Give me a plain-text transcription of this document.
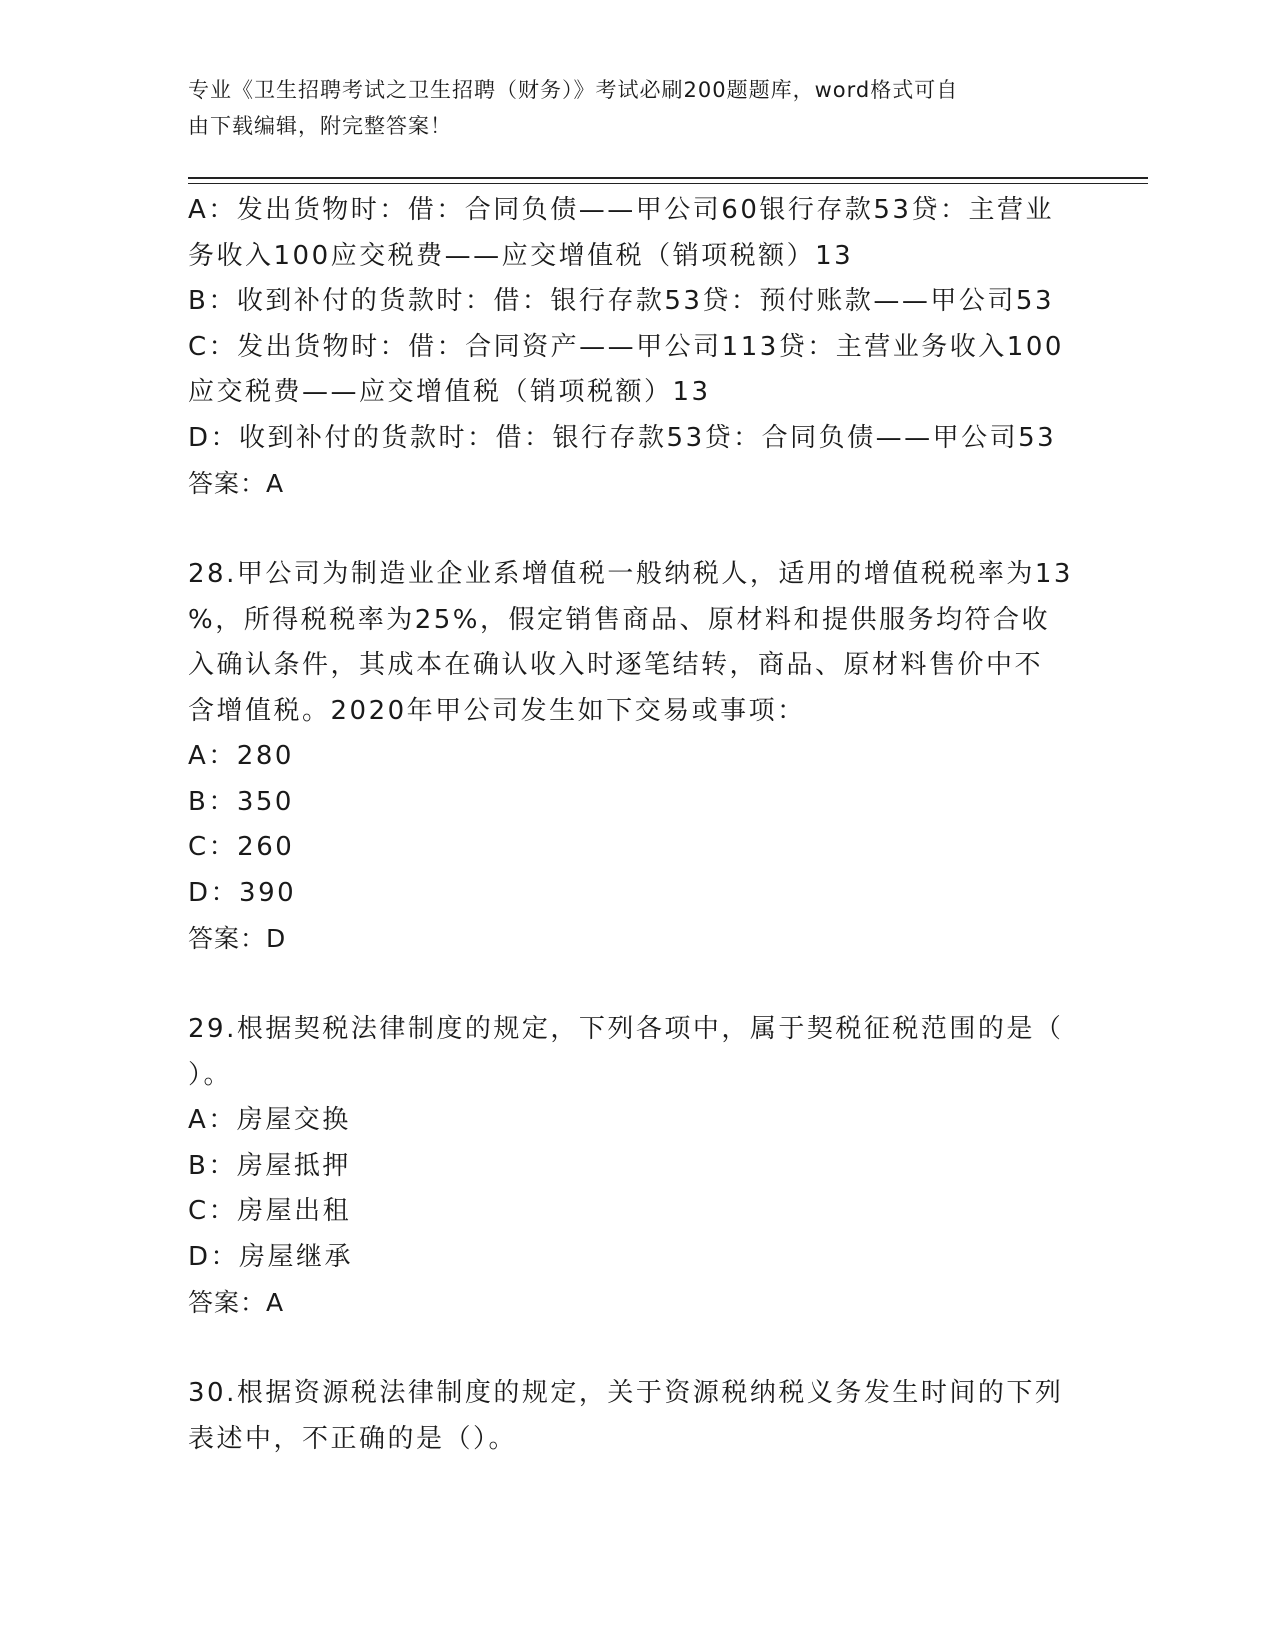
专业《卫生招聘考试之卫生招聘（财务）》考试必刷200题题库，word格式可自
由下载编辑，附完整答案！
A：发出货物时：借：合同负债——甲公司60银行存款53贷：主营业
务收入100应交税费——应交增值税（销项税额）13
B：收到补付的货款时：借：银行存款53贷：预付账款——甲公司53
C：发出货物时：借：合同资产——甲公司113贷：主营业务收入100
应交税费——应交增值税（销项税额）13
D：收到补付的货款时：借：银行存款53贷：合同负债——甲公司53
答案：A
28.甲公司为制造业企业系增值税一般纳税人，适用的增值税税率为13
%，所得税税率为25%，假定销售商品、原材料和提供服务均符合收
入确认条件，其成本在确认收入时逐笔结转，商品、原材料售价中不
含增值税。2020年甲公司发生如下交易或事项：
A：280
B：350
C：260
D：390
答案：D
29.根据契税法律制度的规定，下列各项中，属于契税征税范围的是（
）。
A：房屋交换
B：房屋抵押
C：房屋出租
D：房屋继承
答案：A
30.根据资源税法律制度的规定，关于资源税纳税义务发生时间的下列
表述中，不正确的是（）。
